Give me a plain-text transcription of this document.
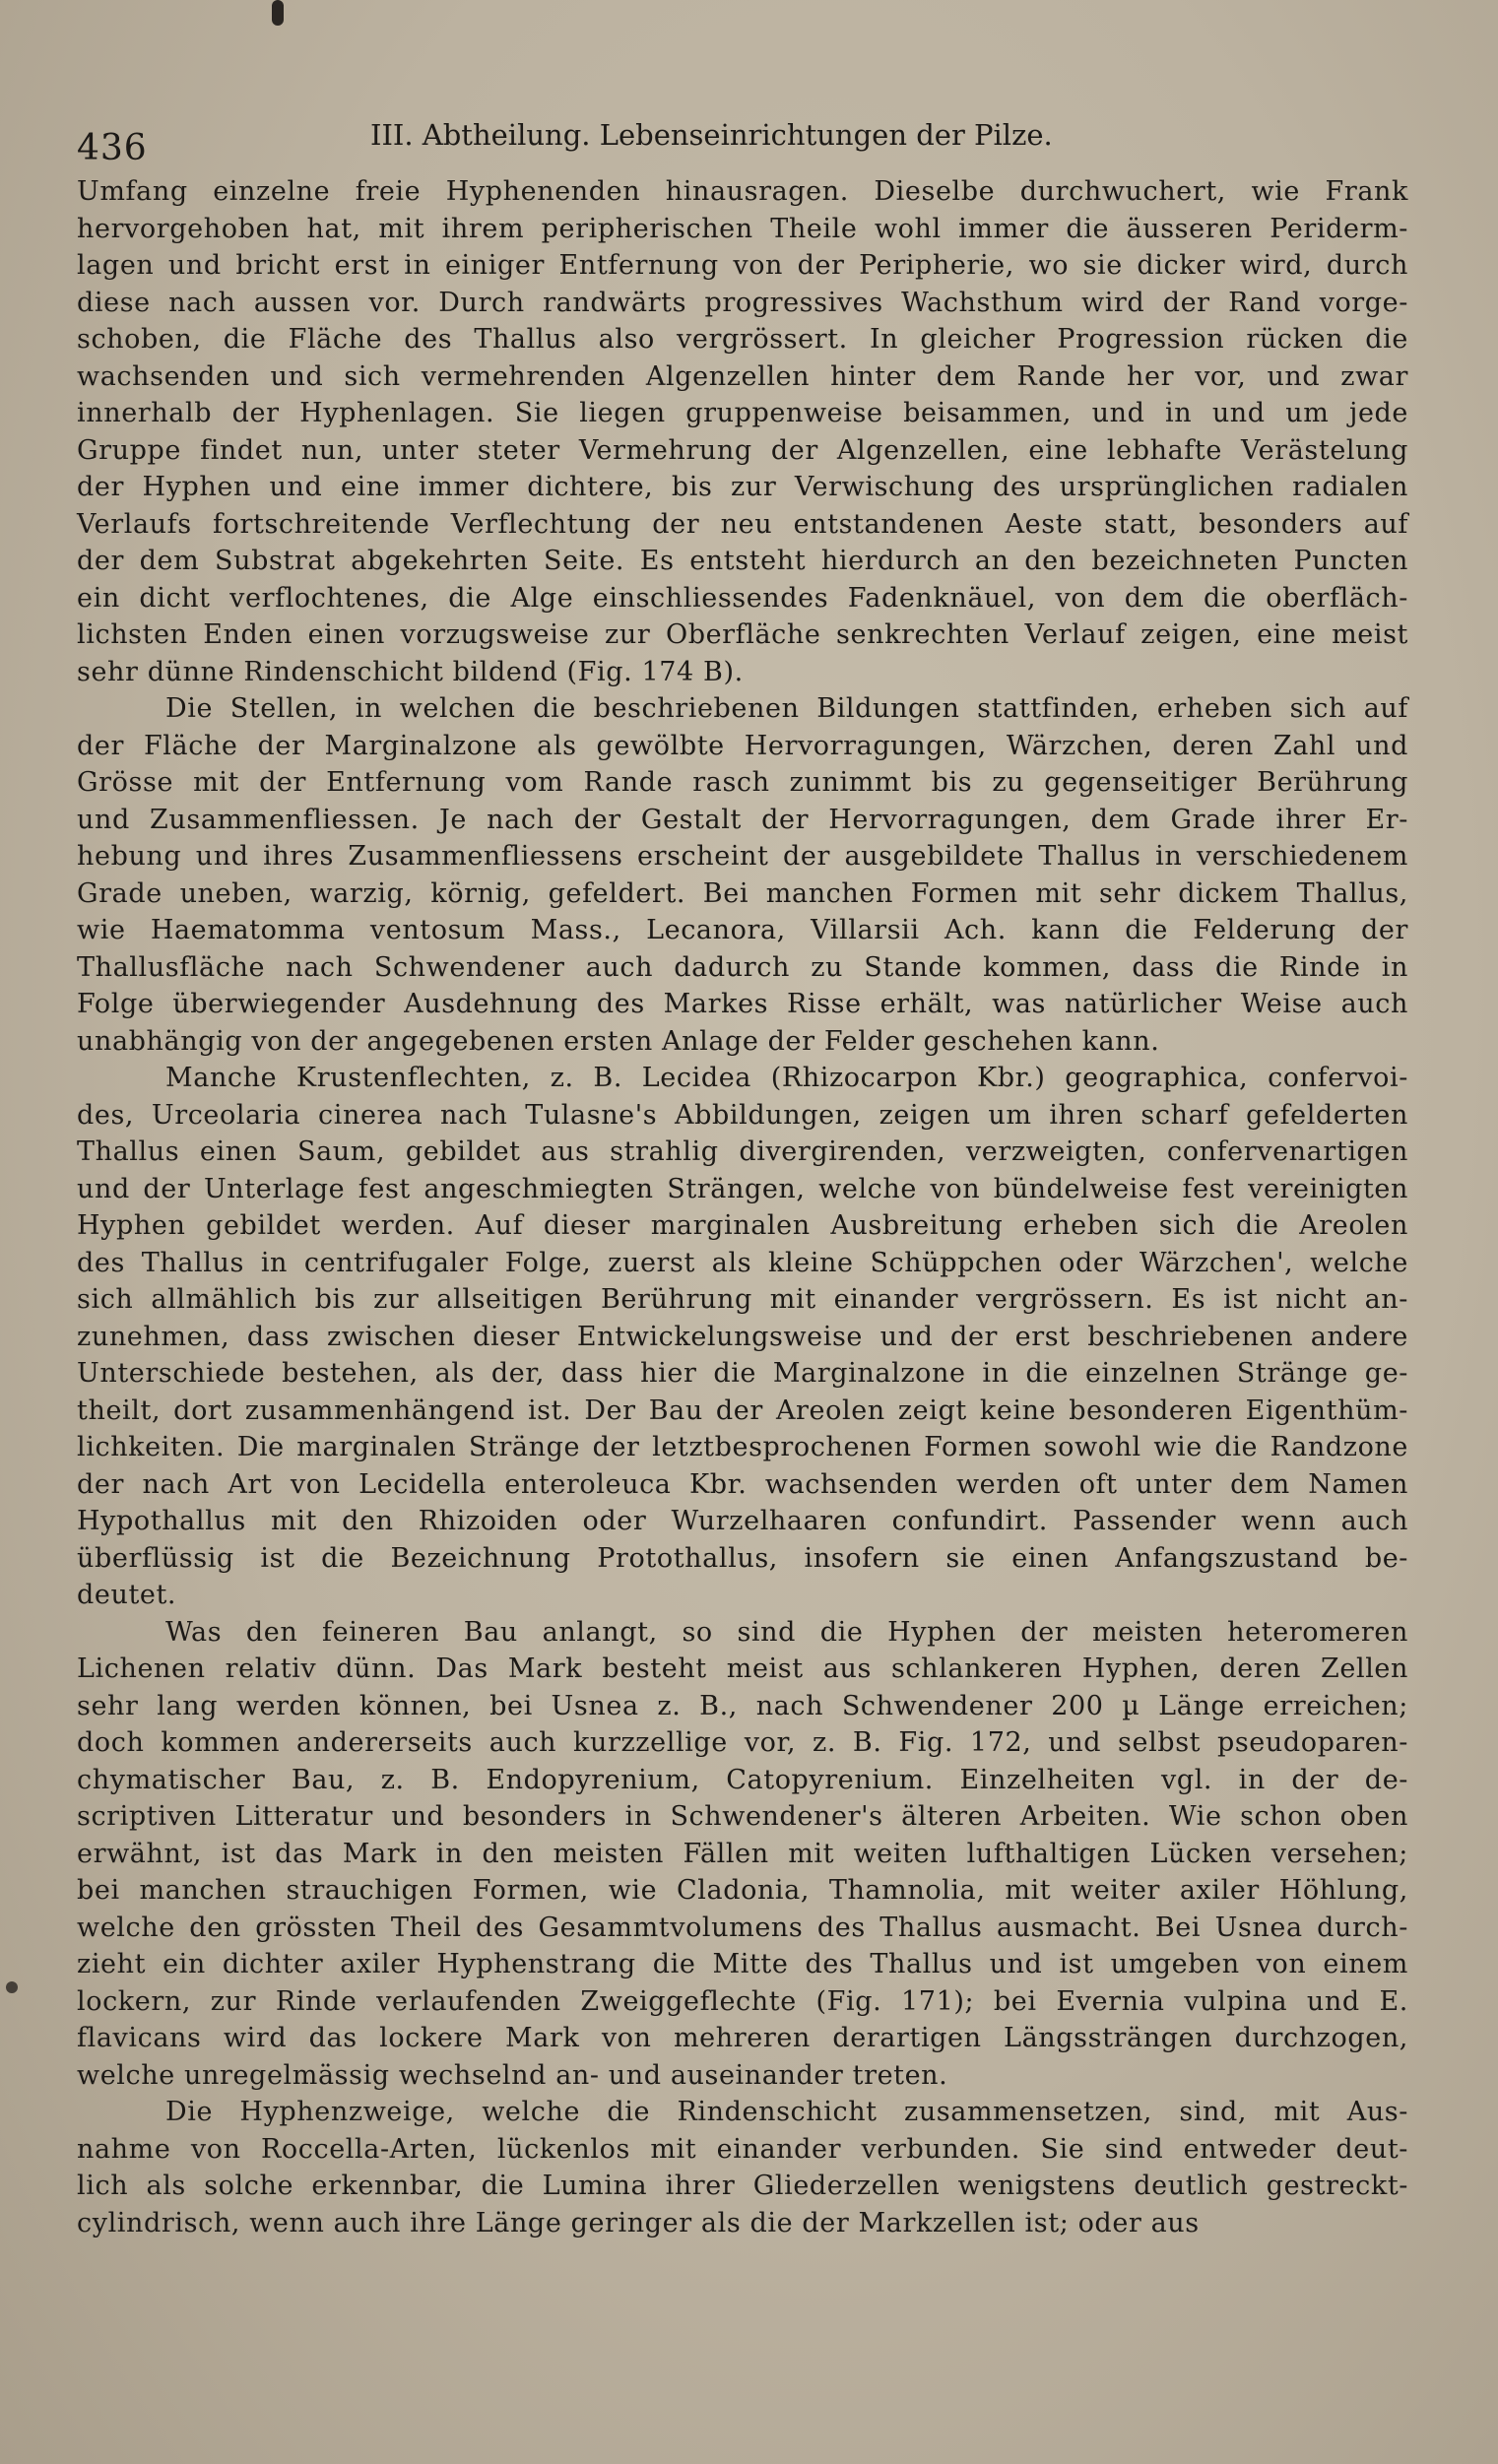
436	III. Abtheilung. Lebenseinrichtungen der Pilze.

Umfang einzelne freie Hyphenenden hinausragen. Dieselbe durchwuchert, wie Frank
hervorgehoben hat, mit ihrem peripherischen Theile wohl immer die äusseren Periderm-
lagen und bricht erst in einiger Entfernung von der Peripherie, wo sie dicker wird, durch
diese nach aussen vor. Durch randwärts progressives Wachsthum wird der Rand vorge-
schoben, die Fläche des Thallus also vergrössert. In gleicher Progression rücken die
wachsenden und sich vermehrenden Algenzellen hinter dem Rande her vor, und zwar
innerhalb der Hyphenlagen. Sie liegen gruppenweise beisammen, und in und um jede
Gruppe findet nun, unter steter Vermehrung der Algenzellen, eine lebhafte Verästelung
der Hyphen und eine immer dichtere, bis zur Verwischung des ursprünglichen radialen
Verlaufs fortschreitende Verflechtung der neu entstandenen Aeste statt, besonders auf
der dem Substrat abgekehrten Seite. Es entsteht hierdurch an den bezeichneten Puncten
ein dicht verflochtenes, die Alge einschliessendes Fadenknäuel, von dem die oberfläch-
lichsten Enden einen vorzugsweise zur Oberfläche senkrechten Verlauf zeigen, eine meist
sehr dünne Rindenschicht bildend (Fig. 174 B).

Die Stellen, in welchen die beschriebenen Bildungen stattfinden, erheben sich auf
der Fläche der Marginalzone als gewölbte Hervorragungen, Wärzchen, deren Zahl und
Grösse mit der Entfernung vom Rande rasch zunimmt bis zu gegenseitiger Berührung
und Zusammenfliessen. Je nach der Gestalt der Hervorragungen, dem Grade ihrer Er-
hebung und ihres Zusammenfliessens erscheint der ausgebildete Thallus in verschiedenem
Grade uneben, warzig, körnig, gefeldert. Bei manchen Formen mit sehr dickem Thallus,
wie Haematomma ventosum Mass., Lecanora, Villarsii Ach. kann die Felderung der
Thallusfläche nach Schwendener auch dadurch zu Stande kommen, dass die Rinde in
Folge überwiegender Ausdehnung des Markes Risse erhält, was natürlicher Weise auch
unabhängig von der angegebenen ersten Anlage der Felder geschehen kann.

Manche Krustenflechten, z. B. Lecidea (Rhizocarpon Kbr.) geographica, confervoi-
des, Urceolaria cinerea nach Tulasne's Abbildungen, zeigen um ihren scharf gefelderten
Thallus einen Saum, gebildet aus strahlig divergirenden, verzweigten, confervenartigen
und der Unterlage fest angeschmiegten Strängen, welche von bündelweise fest vereinigten
Hyphen gebildet werden. Auf dieser marginalen Ausbreitung erheben sich die Areolen
des Thallus in centrifugaler Folge, zuerst als kleine Schüppchen oder Wärzchen', welche
sich allmählich bis zur allseitigen Berührung mit einander vergrössern. Es ist nicht an-
zunehmen, dass zwischen dieser Entwickelungsweise und der erst beschriebenen andere
Unterschiede bestehen, als der, dass hier die Marginalzone in die einzelnen Stränge ge-
theilt, dort zusammenhängend ist. Der Bau der Areolen zeigt keine besonderen Eigenthüm-
lichkeiten. Die marginalen Stränge der letztbesprochenen Formen sowohl wie die Randzone
der nach Art von Lecidella enteroleuca Kbr. wachsenden werden oft unter dem Namen
Hypothallus mit den Rhizoiden oder Wurzelhaaren confundirt. Passender wenn auch
überflüssig ist die Bezeichnung Protothallus, insofern sie einen Anfangszustand be-
deutet.

Was den feineren Bau anlangt, so sind die Hyphen der meisten heteromeren
Lichenen relativ dünn. Das Mark besteht meist aus schlankeren Hyphen, deren Zellen
sehr lang werden können, bei Usnea z. B., nach Schwendener 200 µ Länge erreichen;
doch kommen andererseits auch kurzzellige vor, z. B. Fig. 172, und selbst pseudoparen-
chymatischer Bau, z. B. Endopyrenium, Catopyrenium. Einzelheiten vgl. in der de-
scriptiven Litteratur und besonders in Schwendener's älteren Arbeiten. Wie schon oben
erwähnt, ist das Mark in den meisten Fällen mit weiten lufthaltigen Lücken versehen;
bei manchen strauchigen Formen, wie Cladonia, Thamnolia, mit weiter axiler Höhlung,
welche den grössten Theil des Gesammtvolumens des Thallus ausmacht. Bei Usnea durch-
zieht ein dichter axiler Hyphenstrang die Mitte des Thallus und ist umgeben von einem
lockern, zur Rinde verlaufenden Zweiggeflechte (Fig. 171); bei Evernia vulpina und E.
flavicans wird das lockere Mark von mehreren derartigen Längssträngen durchzogen,
welche unregelmässig wechselnd an- und auseinander treten.

Die Hyphenzweige, welche die Rindenschicht zusammensetzen, sind, mit Aus-
nahme von Roccella-Arten, lückenlos mit einander verbunden. Sie sind entweder deut-
lich als solche erkennbar, die Lumina ihrer Gliederzellen wenigstens deutlich gestreckt-
cylindrisch, wenn auch ihre Länge geringer als die der Markzellen ist; oder aus
